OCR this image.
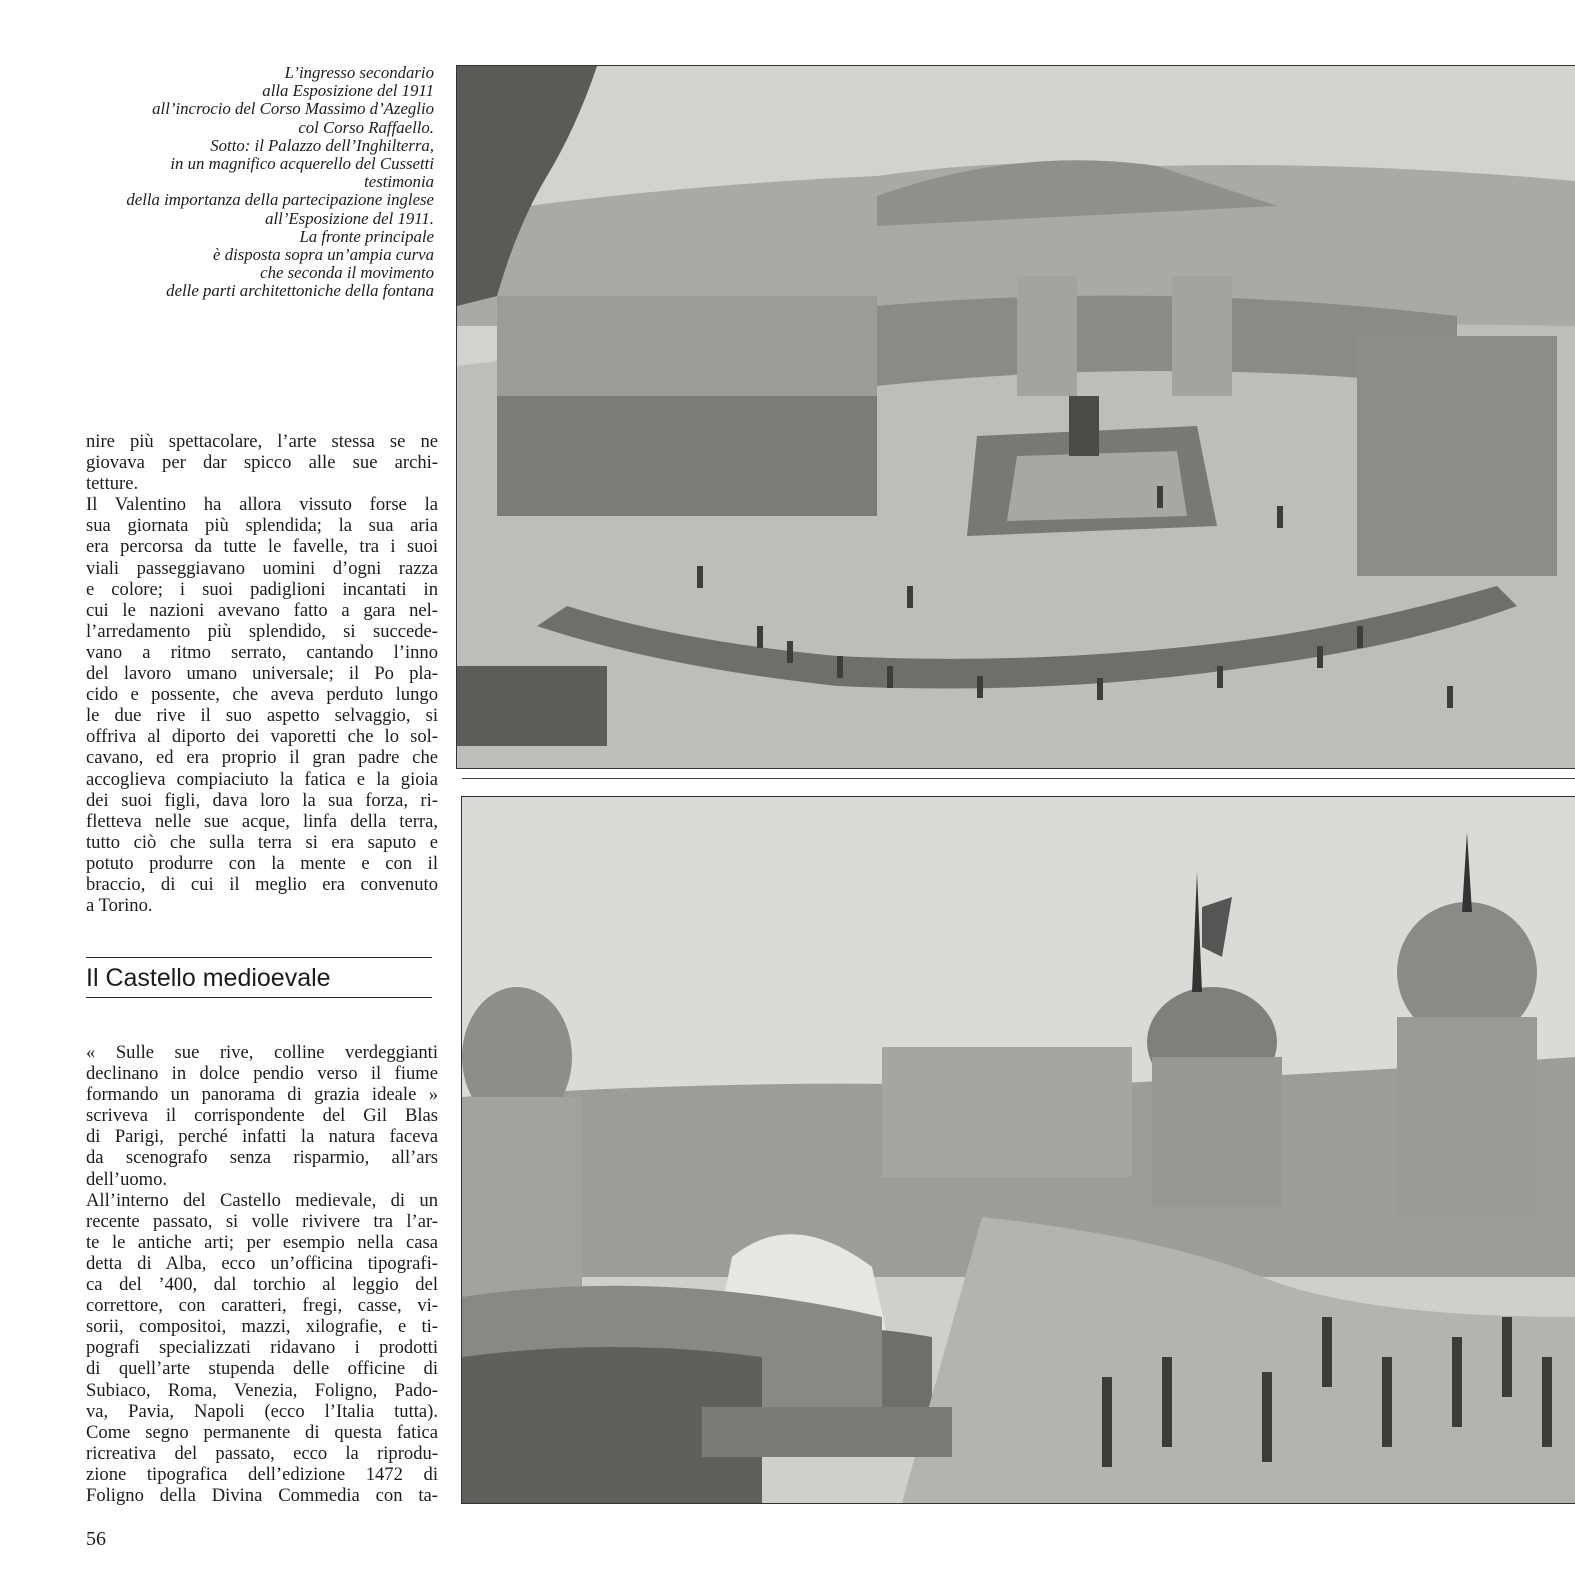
L’ingresso secondario
alla Esposizione del 1911
all’incrocio del Corso Massimo d’Azeglio
col Corso Raffaello.
Sotto: il Palazzo dell’Inghilterra,
in un magnifico acquerello del Cussetti
testimonia
della importanza della partecipazione inglese
all’Esposizione del 1911.
La fronte principale
è disposta sopra un’ampia curva
che seconda il movimento
delle parti architettoniche della fontana
nire più spettacolare, l’arte stessa se ne
giovava per dar spicco alle sue archi-
tetture.
Il Valentino ha allora vissuto forse la
sua giornata più splendida; la sua aria
era percorsa da tutte le favelle, tra i suoi
viali passeggiavano uomini d’ogni razza
e colore; i suoi padiglioni incantati in
cui le nazioni avevano fatto a gara nel-
l’arredamento più splendido, si succede-
vano a ritmo serrato, cantando l’inno
del lavoro umano universale; il Po pla-
cido e possente, che aveva perduto lungo
le due rive il suo aspetto selvaggio, si
offriva al diporto dei vaporetti che lo sol-
cavano, ed era proprio il gran padre che
accoglieva compiaciuto la fatica e la gioia
dei suoi figli, dava loro la sua forza, ri-
fletteva nelle sue acque, linfa della terra,
tutto ciò che sulla terra si era saputo e
potuto produrre con la mente e con il
braccio, di cui il meglio era convenuto
a Torino.
Il Castello medioevale
« Sulle sue rive, colline verdeggianti
declinano in dolce pendio verso il fiume
formando un panorama di grazia ideale »
scriveva il corrispondente del Gil Blas
di Parigi, perché infatti la natura faceva
da scenografo senza risparmio, all’ars
dell’uomo.
All’interno del Castello medievale, di un
recente passato, si volle rivivere tra l’ar-
te le antiche arti; per esempio nella casa
detta di Alba, ecco un’officina tipografi-
ca del ’400, dal torchio al leggio del
correttore, con caratteri, fregi, casse, vi-
sorii, compositoi, mazzi, xilografie, e ti-
pografi specializzati ridavano i prodotti
di quell’arte stupenda delle officine di
Subiaco, Roma, Venezia, Foligno, Pado-
va, Pavia, Napoli (ecco l’Italia tutta).
Come segno permanente di questa fatica
ricreativa del passato, ecco la riprodu-
zione tipografica dell’edizione 1472 di
Foligno della Divina Commedia con ta-
56
